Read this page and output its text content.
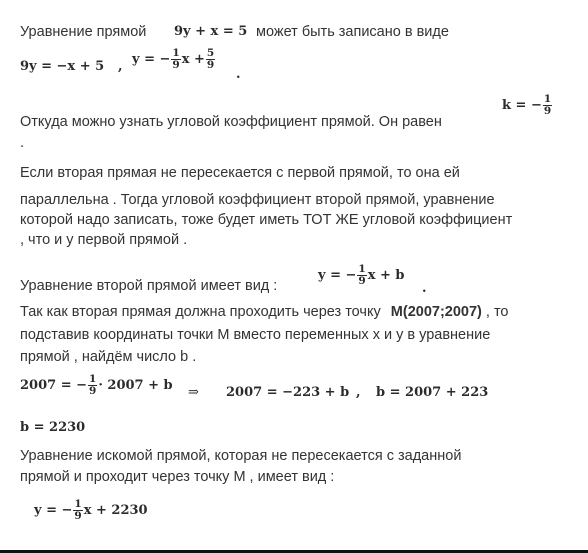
Уравнение прямой 9y + x = 5 может быть записано в виде
9y = −x + 5 , y = − $\frac{1}{9}$ $x + \frac{5}{9}$
.
Откуда можно узнать угловой коэффициент прямой. Он равен
k = − $\frac{1}{9}$
.
Если вторая прямая не пересекается с первой прямой, то она ей
параллельна . Тогда угловой коэффициент второй прямой, уравнение
которой надо записать, тоже будет иметь ТОТ ЖЕ угловой коэффициент
, что и у первой прямой .
Уравнение второй прямой имеет вид :
y = − $\frac{1}{9}$ x + b
.
Так как вторая прямая должна проходить через точку M(2007;2007) , то
подставив координаты точки M вместо переменных x и y в уравнение
прямой , найдём число b .
2007 = − $\frac{1}{9} \cdot 2007 + b$ ⇒ 2007 = −223 + b , b = 2007 + 223
b = 2230
Уравнение искомой прямой, которая не пересекается с заданной
прямой и проходит через точку M , имеет вид :
y = − $\frac{1}{9}$ x + 2230
